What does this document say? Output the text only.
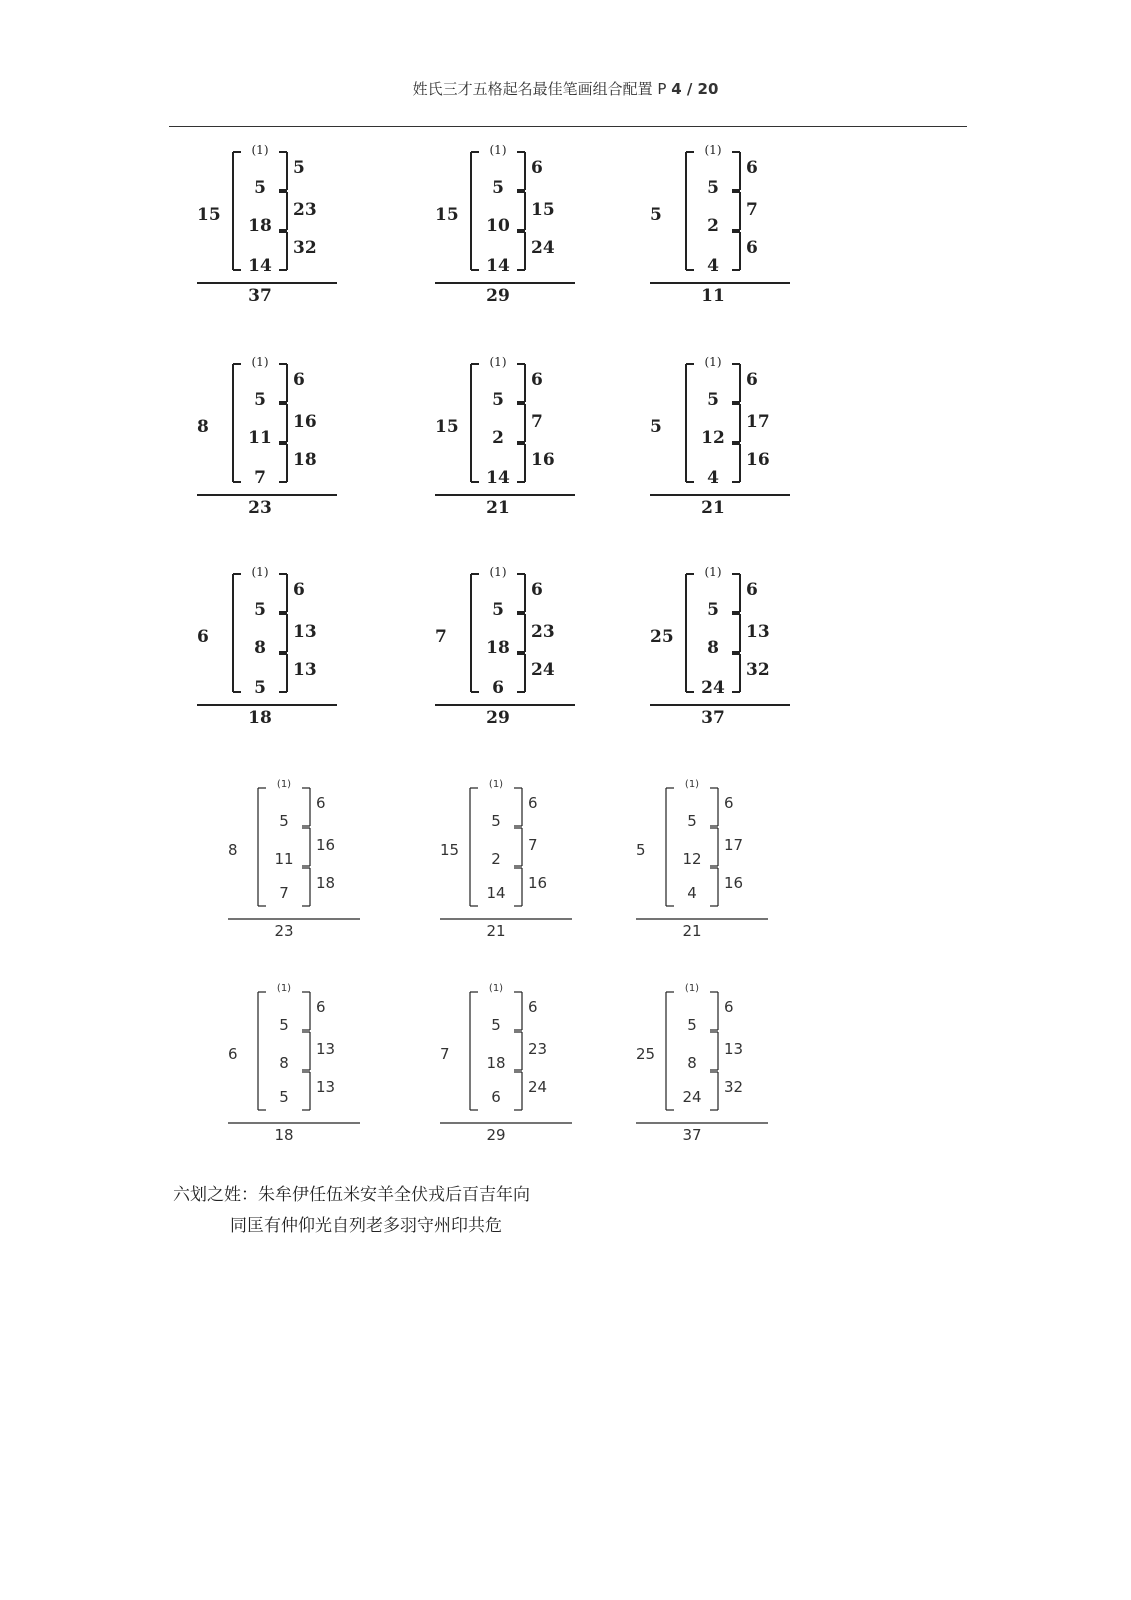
姓氏三才五格起名最佳笔画组合配置 P 4 / 20
(1)
5
18
14
5
23
32
15
37
(1)
5
10
14
6
15
24
15
29
(1)
5
2
4
6
7
6
5
11
(1)
5
11
7
6
16
18
8
23
(1)
5
2
14
6
7
16
15
21
(1)
5
12
4
6
17
16
5
21
(1)
5
8
5
6
13
13
6
18
(1)
5
18
6
6
23
24
7
29
(1)
5
8
24
6
13
32
25
37
(1)
5
11
7
6
16
18
8
23
(1)
5
2
14
6
7
16
15
21
(1)
5
12
4
6
17
16
5
21
(1)
5
8
5
6
13
13
6
18
(1)
5
18
6
6
23
24
7
29
(1)
5
8
24
6
13
32
25
37
六划之姓：朱牟伊任伍米安羊全伏戎后百吉年向
同匡有仲仰光自列老多羽守州印共危
